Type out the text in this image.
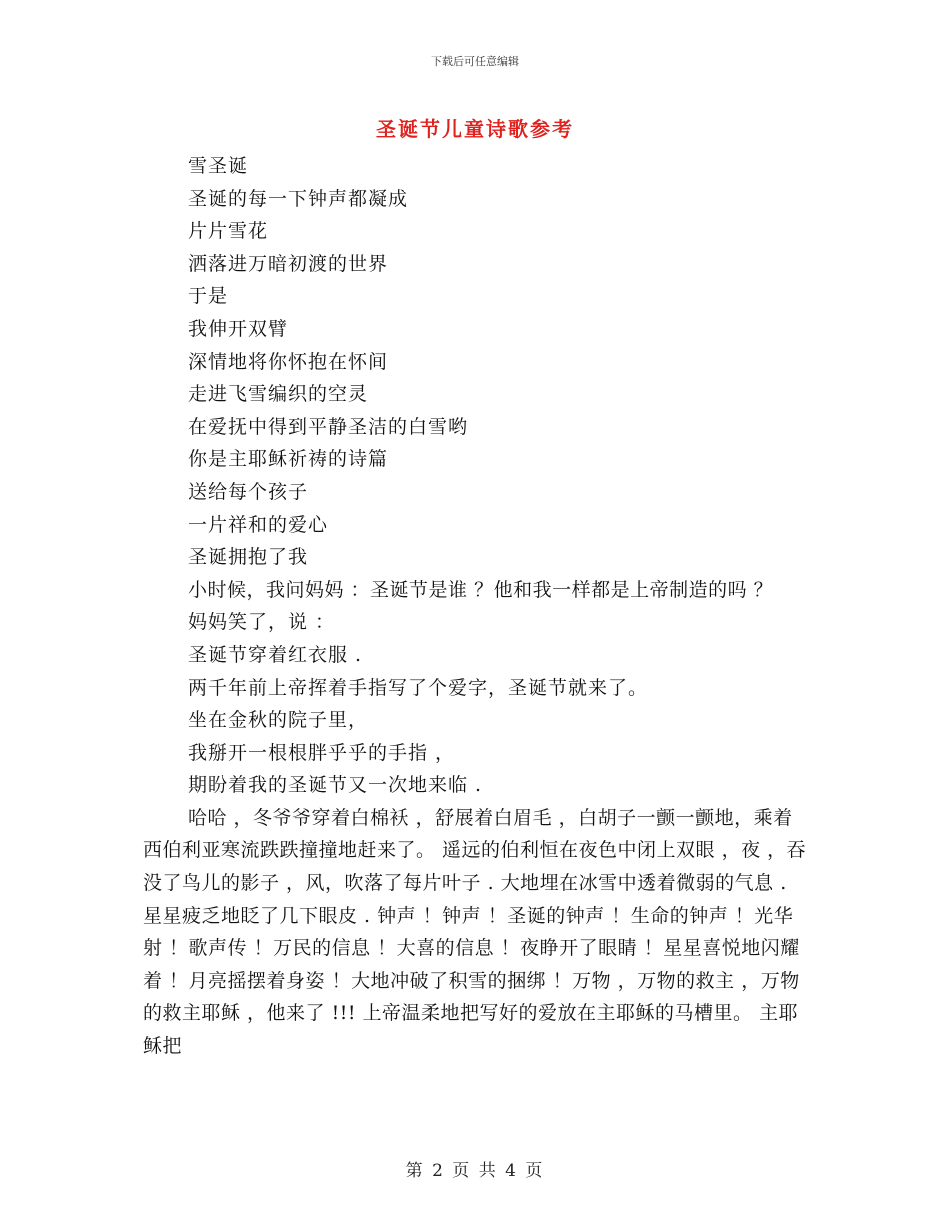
下载后可任意编辑
圣诞节儿童诗歌参考
雪圣诞
圣诞的每一下钟声都凝成
片片雪花
洒落进万暗初渡的世界
于是
我伸开双臂
深情地将你怀抱在怀间
走进飞雪编织的空灵
在爱抚中得到平静圣洁的白雪哟
你是主耶稣祈祷的诗篇
送给每个孩子
一片祥和的爱心
圣诞拥抱了我

小时候，我问妈妈 ：圣诞节是谁 ？他和我一样都是上帝制造的吗 ？

妈妈笑了，说 ：
圣诞节穿着红衣服 .
两千年前上帝挥着手指写了个爱字，圣诞节就来了。
坐在金秋的院子里，
我掰开一根根胖乎乎的手指 ，
期盼着我的圣诞节又一次地来临 .

哈哈 ，冬爷爷穿着白棉袄 ，舒展着白眉毛 ，白胡子一颤一颤地，乘着西伯利亚寒流跌跌撞撞地赶来了。 遥远的伯利恒在夜色中闭上双眼 ，夜 ，吞没了鸟儿的影子 ，风，吹落了每片叶子 . 大地埋在冰雪中透着微弱的气息 . 星星疲乏地眨了几下眼皮 . 钟声 ！钟声 ！圣诞的钟声 ！生命的钟声 ！光华射 ！歌声传 ！万民的信息 ！大喜的信息 ！夜睁开了眼睛 ！星星喜悦地闪耀着 ！月亮摇摆着身姿 ！大地冲破了积雪的捆绑 ！万物 ，万物的救主 ，万物的救主耶稣 ，他来了 !!! 上帝温柔地把写好的爱放在主耶稣的马槽里。 主耶稣把

第 2 页 共 4 页
